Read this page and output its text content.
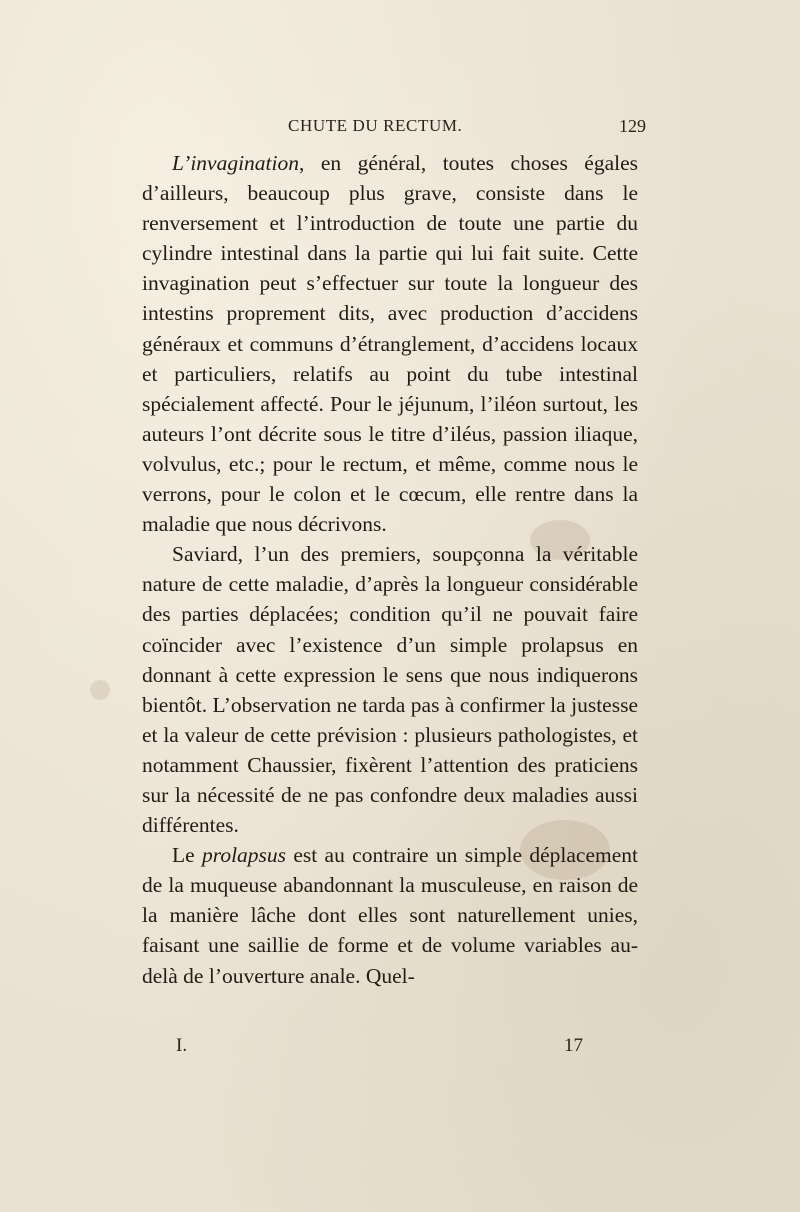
CHUTE DU RECTUM.	129

L’invagination, en général, toutes choses égales d’ailleurs, beaucoup plus grave, consiste dans le renversement et l’introduction de toute une partie du cylindre intestinal dans la partie qui lui fait suite. Cette invagination peut s’effectuer sur toute la longueur des intestins proprement dits, avec production d’accidens généraux et communs d’étranglement, d’accidens locaux et particuliers, relatifs au point du tube intestinal spécialement affecté. Pour le jéjunum, l’iléon surtout, les auteurs l’ont décrite sous le titre d’iléus, passion iliaque, volvulus, etc.; pour le rectum, et même, comme nous le verrons, pour le colon et le cœcum, elle rentre dans la maladie que nous décrivons.

Saviard, l’un des premiers, soupçonna la véritable nature de cette maladie, d’après la longueur considérable des parties déplacées; condition qu’il ne pouvait faire coïncider avec l’existence d’un simple prolapsus en donnant à cette expression le sens que nous indiquerons bientôt. L’observation ne tarda pas à confirmer la justesse et la valeur de cette prévision : plusieurs pathologistes, et notamment Chaussier, fixèrent l’attention des praticiens sur la nécessité de ne pas confondre deux maladies aussi différentes.

Le prolapsus est au contraire un simple déplacement de la muqueuse abandonnant la musculeuse, en raison de la manière lâche dont elles sont naturellement unies, faisant une saillie de forme et de volume variables au-delà de l’ouverture anale. Quel-

I.	17
